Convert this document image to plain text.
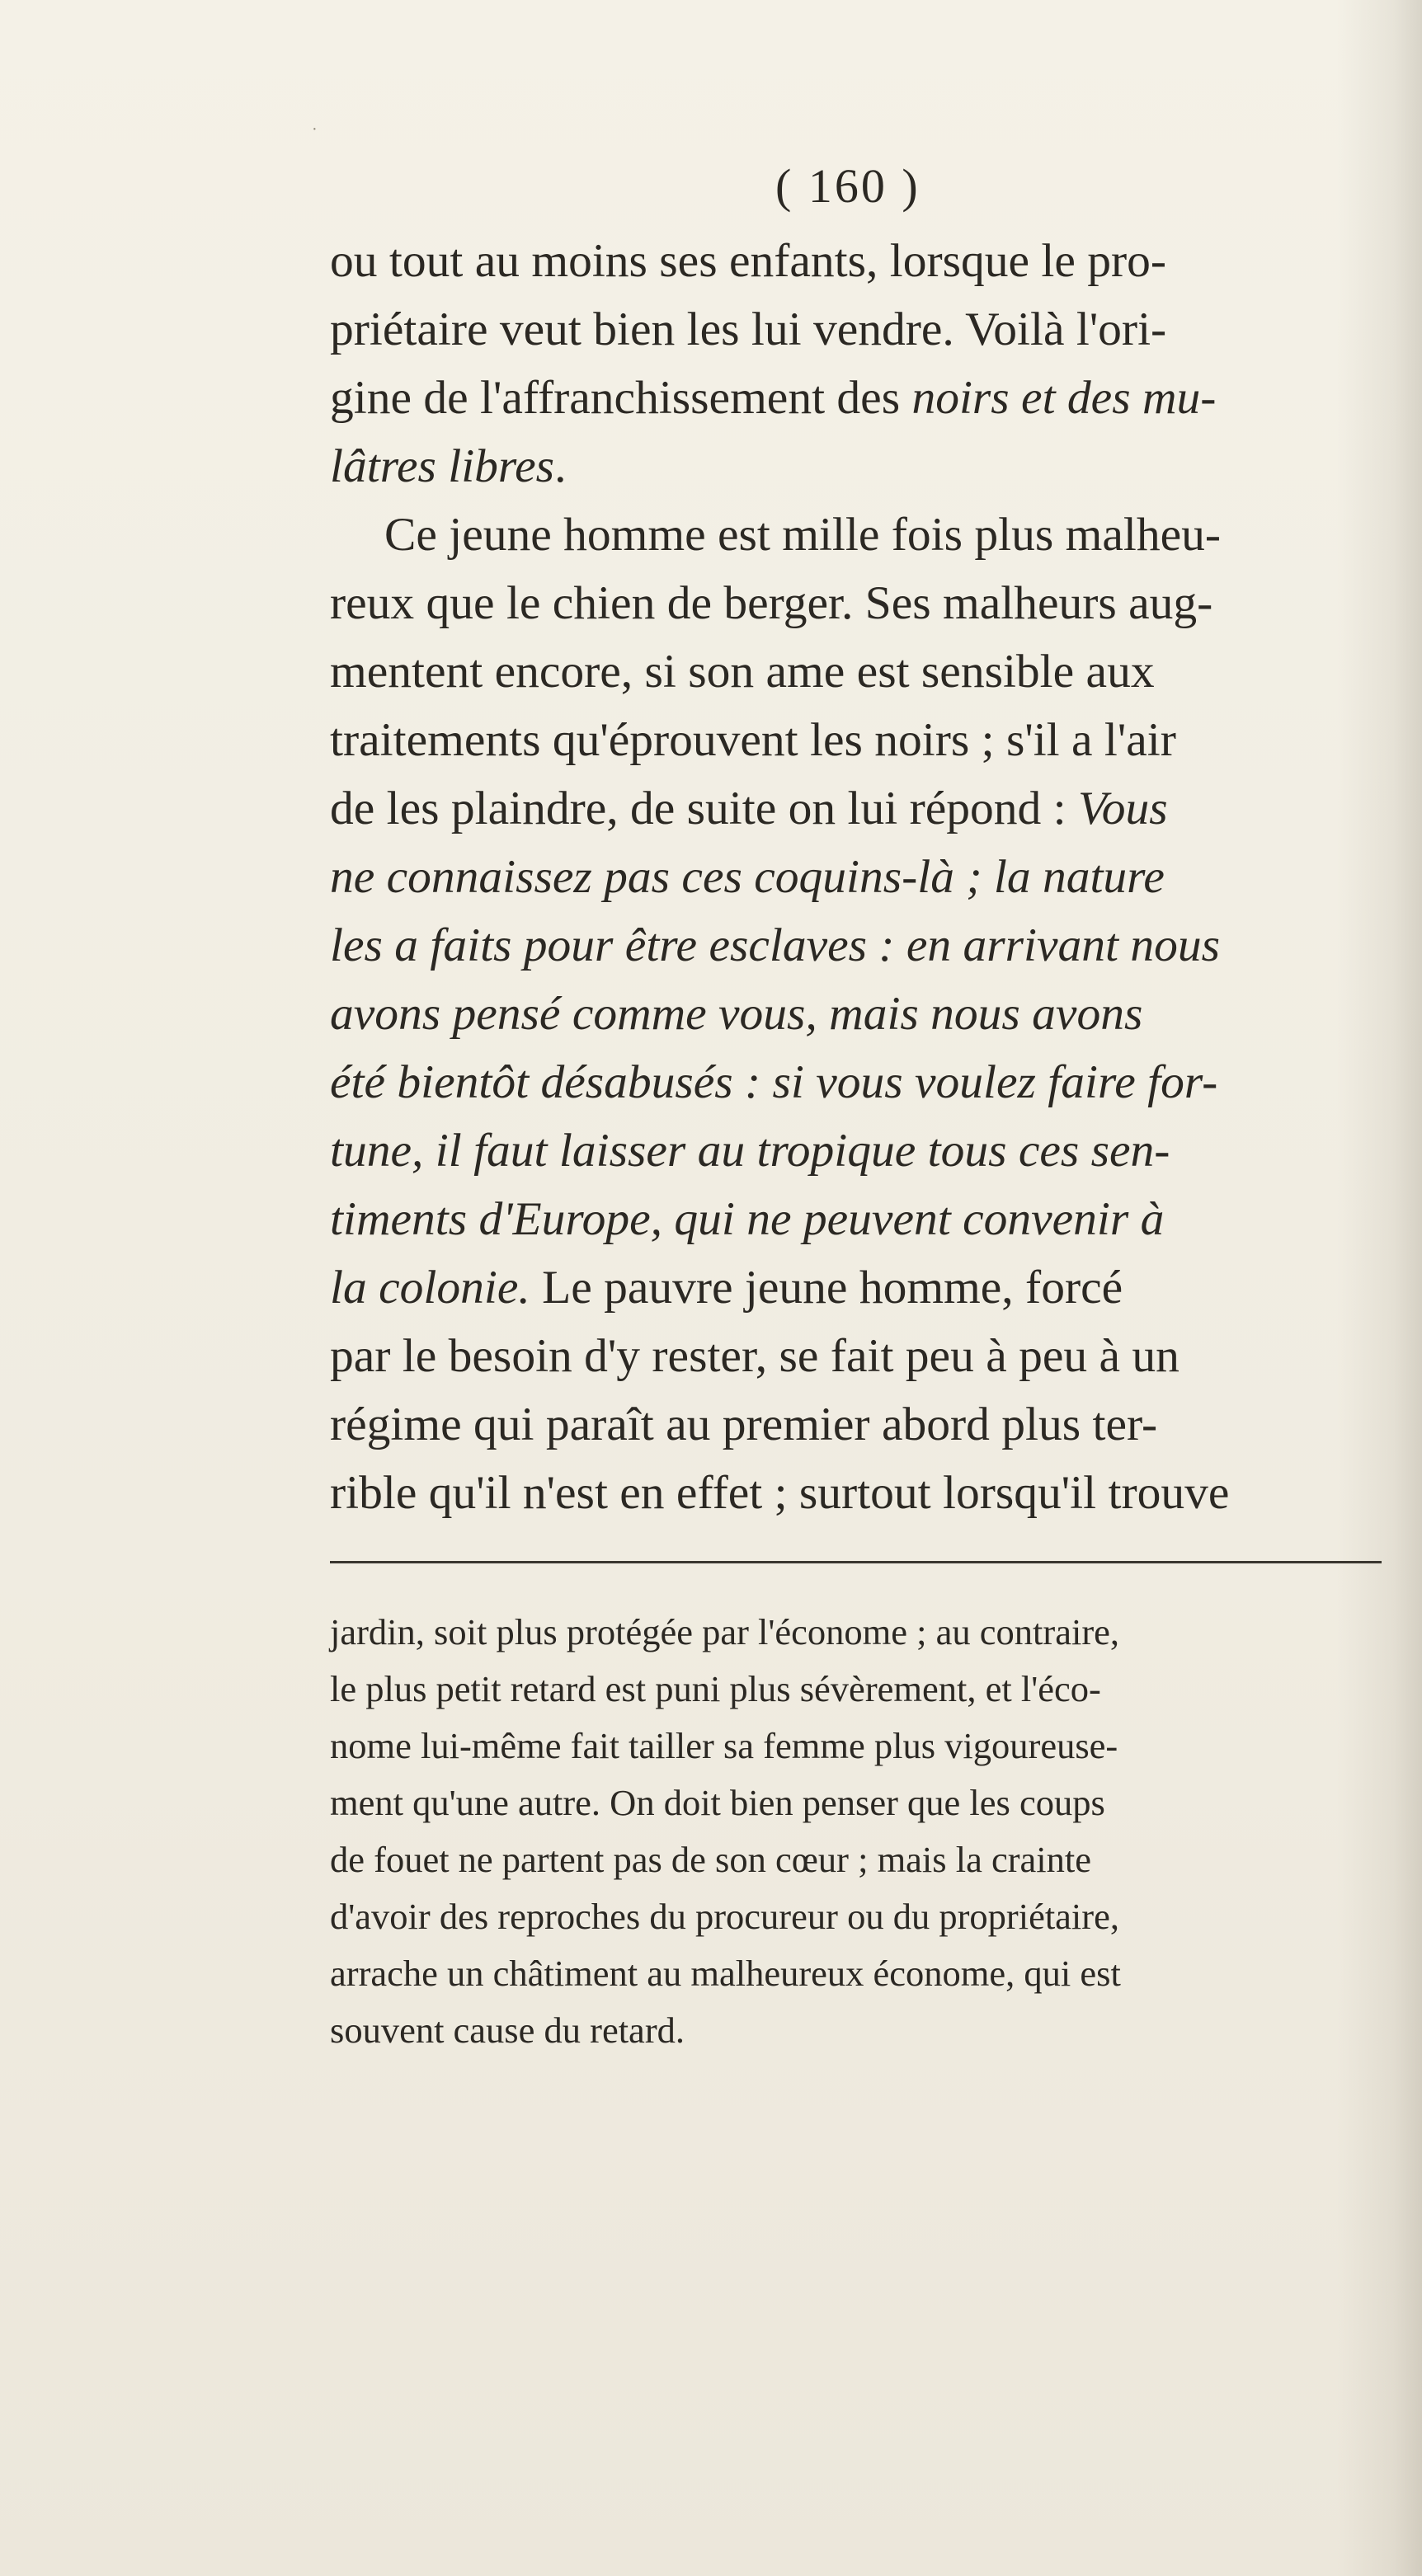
·
( 160 )
ou tout au moins ses enfants, lorsque le pro-
priétaire veut bien les lui vendre. Voilà l'ori-
gine de l'affranchissement des noirs et des mu-
lâtres libres.
Ce jeune homme est mille fois plus malheu-
reux que le chien de berger. Ses malheurs aug-
mentent encore, si son ame est sensible aux
traitements qu'éprouvent les noirs ; s'il a l'air
de les plaindre, de suite on lui répond : Vous
ne connaissez pas ces coquins-là ; la nature
les a faits pour être esclaves : en arrivant nous
avons pensé comme vous, mais nous avons
été bientôt désabusés : si vous voulez faire for-
tune, il faut laisser au tropique tous ces sen-
timents d'Europe, qui ne peuvent convenir à
la colonie. Le pauvre jeune homme, forcé
par le besoin d'y rester, se fait peu à peu à un
régime qui paraît au premier abord plus ter-
rible qu'il n'est en effet ; surtout lorsqu'il trouve
jardin, soit plus protégée par l'économe ; au contraire,
le plus petit retard est puni plus sévèrement, et l'éco-
nome lui-même fait tailler sa femme plus vigoureuse-
ment qu'une autre. On doit bien penser que les coups
de fouet ne partent pas de son cœur ; mais la crainte
d'avoir des reproches du procureur ou du propriétaire,
arrache un châtiment au malheureux économe, qui est
souvent cause du retard.
